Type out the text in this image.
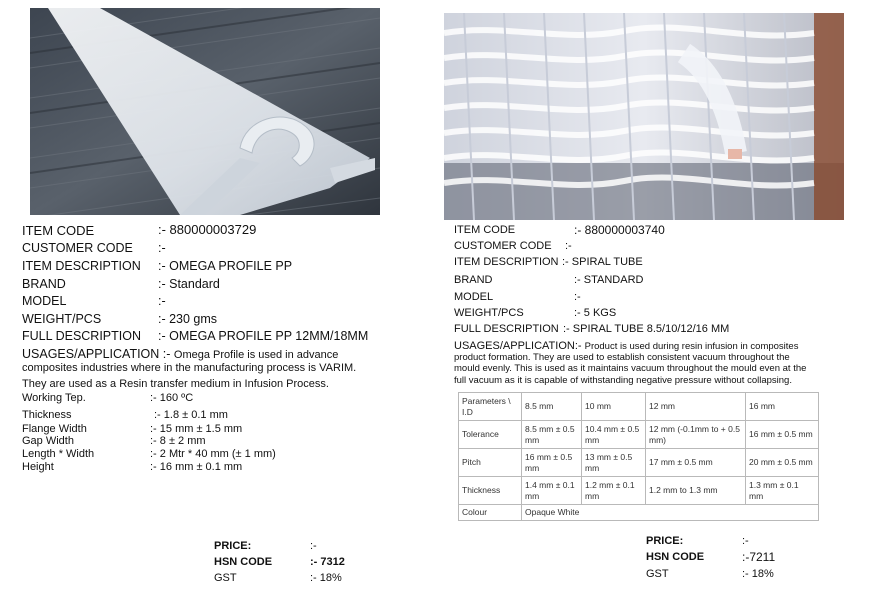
ITEM CODE	:- 880000003729
CUSTOMER CODE :-
ITEM DESCRIPTION :- OMEGA PROFILE PP
BRAND	:- Standard
MODEL	:-
WEIGHT/PCS	:- 230 gms
FULL DESCRIPTION :- OMEGA PROFILE PP 12MM/18MM
USAGES/APPLICATION :- Omega Profile is used in advance
composites industries where in the manufacturing process is VARIM.
They are used as a Resin transfer medium in Infusion Process.
Working Tep.	:- 160 ºC
Thickness	:- 1.8 ± 0.1 mm
Flange Width	:- 15 mm ± 1.5 mm
Gap Width	:- 8 ± 2 mm
Length * Width	:- 2 Mtr * 40 mm (± 1 mm)
Height	:- 16 mm ± 0.1 mm
PRICE:	:-
HSN CODE	:- 7312
GST	:- 18%
ITEM CODE	:- 880000003740
CUSTOMER CODE :-
ITEM DESCRIPTION :- SPIRAL TUBE
BRAND	:- STANDARD
MODEL	:-
WEIGHT/PCS	:- 5 KGS
FULL DESCRIPTION :- SPIRAL TUBE 8.5/10/12/16 MM
USAGES/APPLICATION:- Product is used during resin infusion in composites
product formation. They are used to establish consistent vacuum throughout the
mould evenly. This is used as it maintains vacuum throughout the mould even at the
full vacuum as it is capable of withstanding negative pressure without collapsing.
Parameters \ I.D	8.5 mm	10 mm	12 mm	16 mm
Tolerance	8.5 mm ± 0.5 mm	10.4 mm ± 0.5 mm	12 mm (-0.1mm to + 0.5 mm)	16 mm ± 0.5 mm
Pitch	16 mm ± 0.5 mm	13 mm ± 0.5 mm	17 mm ± 0.5 mm	20 mm ± 0.5 mm
Thickness	1.4 mm ± 0.1 mm	1.2 mm ± 0.1 mm	1.2 mm to 1.3 mm	1.3 mm ± 0.1 mm
Colour	Opaque White			
PRICE:	:-
HSN CODE	:-7211
GST	:- 18%
